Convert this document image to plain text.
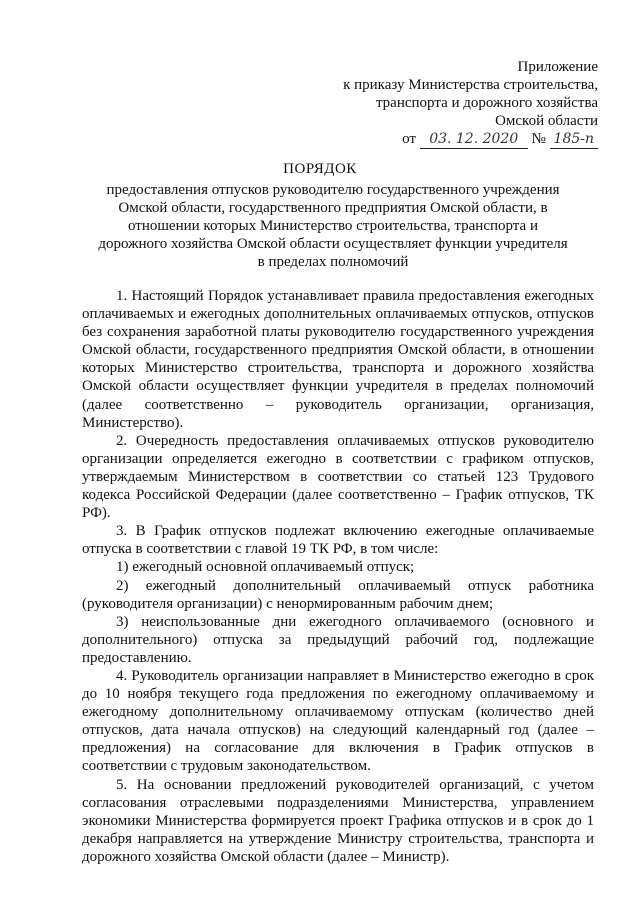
Приложение
к приказу Министерства строительства,
транспорта и дорожного хозяйства
Омской области
от 03. 12. 2020 № 185-п
ПОРЯДОК
предоставления отпусков руководителю государственного учреждения Омской области, государственного предприятия Омской области, в отношении которых Министерство строительства, транспорта и дорожного хозяйства Омской области осуществляет функции учредителя в пределах полномочий

1. Настоящий Порядок устанавливает правила предоставления ежегодных оплачиваемых и ежегодных дополнительных оплачиваемых отпусков, отпусков без сохранения заработной платы руководителю государственного учреждения Омской области, государственного предприятия Омской области, в отношении которых Министерство строительства, транспорта и дорожного хозяйства Омской области осуществляет функции учредителя в пределах полномочий (далее соответственно – руководитель организации, организация, Министерство).

2. Очередность предоставления оплачиваемых отпусков руководителю организации определяется ежегодно в соответствии с графиком отпусков, утверждаемым Министерством в соответствии со статьей 123 Трудового кодекса Российской Федерации (далее соответственно – График отпусков, ТК РФ).

3. В График отпусков подлежат включению ежегодные оплачиваемые отпуска в соответствии с главой 19 ТК РФ, в том числе:

1) ежегодный основной оплачиваемый отпуск;

2) ежегодный дополнительный оплачиваемый отпуск работника (руководителя организации) с ненормированным рабочим днем;

3) неиспользованные дни ежегодного оплачиваемого (основного и дополнительного) отпуска за предыдущий рабочий год, подлежащие предоставлению.

4. Руководитель организации направляет в Министерство ежегодно в срок до 10 ноября текущего года предложения по ежегодному оплачиваемому и ежегодному дополнительному оплачиваемому отпускам (количество дней отпусков, дата начала отпусков) на следующий календарный год (далее – предложения) на согласование для включения в График отпусков в соответствии с трудовым законодательством.

5. На основании предложений руководителей организаций, с учетом согласования отраслевыми подразделениями Министерства, управлением экономики Министерства формируется проект Графика отпусков и в срок до 1 декабря направляется на утверждение Министру строительства, транспорта и дорожного хозяйства Омской области (далее – Министр).
